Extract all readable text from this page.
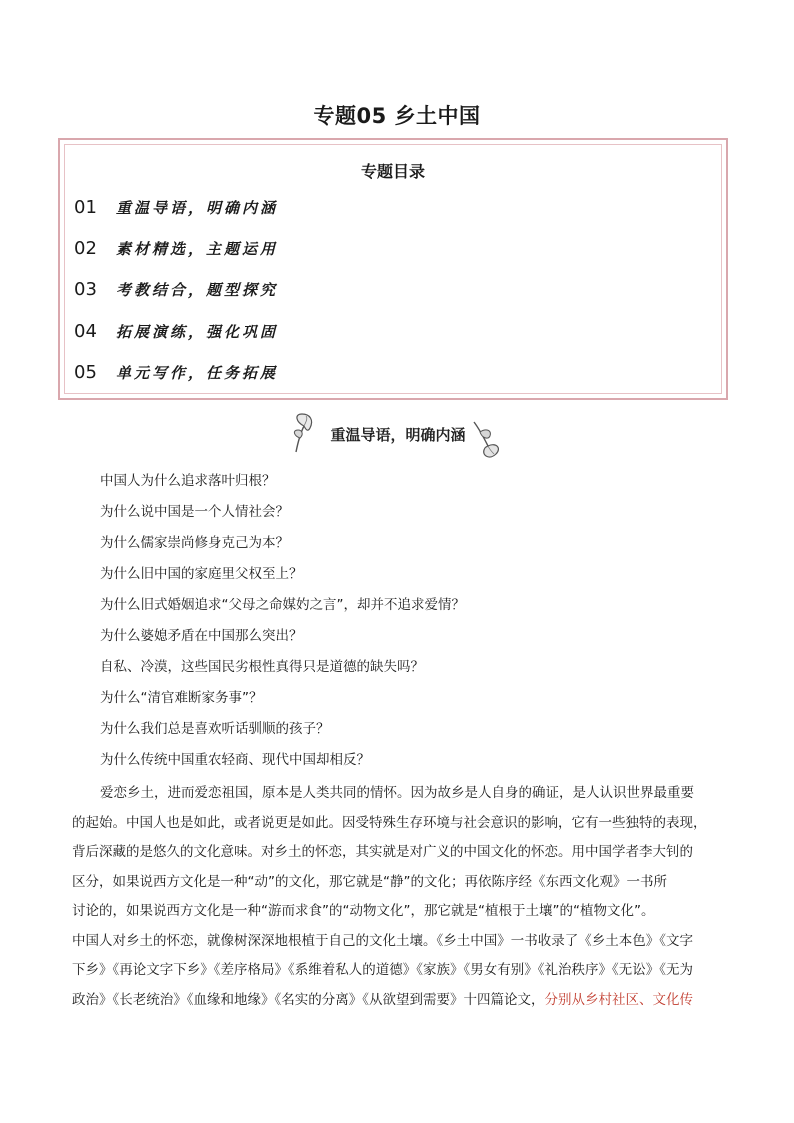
专题05 乡土中国
专题目录
01	重温导语，明确内涵
02	素材精选，主题运用
03	考教结合，题型探究
04	拓展演练，强化巩固
05	单元写作，任务拓展
重温导语，明确内涵
中国人为什么追求落叶归根？
为什么说中国是一个人情社会？
为什么儒家崇尚修身克己为本？
为什么旧中国的家庭里父权至上？
为什么旧式婚姻追求“父母之命媒妁之言”，却并不追求爱情？
为什么婆媳矛盾在中国那么突出？
自私、冷漠，这些国民劣根性真得只是道德的缺失吗？
为什么“清官难断家务事”？
为什么我们总是喜欢听话驯顺的孩子？
为什么传统中国重农轻商、现代中国却相反？
爱恋乡土，进而爱恋祖国，原本是人类共同的情怀。因为故乡是人自身的确证，是人认识世界最重要
的起始。中国人也是如此，或者说更是如此。因受特殊生存环境与社会意识的影响，它有一些独特的表现，
背后深藏的是悠久的文化意味。对乡土的怀恋，其实就是对广义的中国文化的怀恋。用中国学者李大钊的
区分，如果说西方文化是一种“动”的文化，那它就是“静”的文化；再依陈序经《东西文化观》一书所
讨论的，如果说西方文化是一种“游而求食”的“动物文化”，那它就是“植根于土壤”的“植物文化”。
中国人对乡土的怀恋，就像树深深地根植于自己的文化土壤。《乡土中国》一书收录了《乡土本色》《文字
下乡》《再论文字下乡》《差序格局》《系维着私人的道德》《家族》《男女有别》《礼治秩序》《无讼》《无为
政治》《长老统治》《血缘和地缘》《名实的分离》《从欲望到需要》十四篇论文，分别从乡村社区、文化传
